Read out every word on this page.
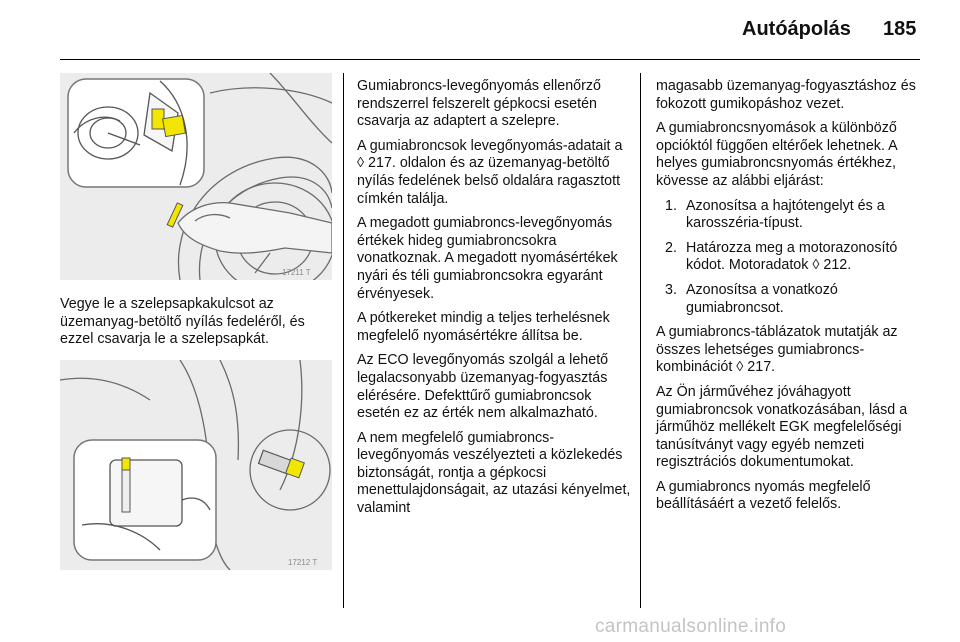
Autóápolás 185
17211 T

Vegye le a szelepsapkakulcsot az üzemanyag-betöltő nyílás fedeléről, és ezzel csavarja le a szelepsapkát.

17212 T

Gumiabroncs-levegőnyomás ellenőrző rendszerrel felszerelt gépkocsi esetén csavarja az adaptert a szelepre.

A gumiabroncsok levegőnyomás-adatait a ◊ 217. oldalon és az üzemanyag-betöltő nyílás fedelének belső oldalára ragasztott címkén találja.

A megadott gumiabroncs-levegőnyomás értékek hideg gumiabroncsokra vonatkoznak. A megadott nyomásértékek nyári és téli gumiabroncsokra egyaránt érvényesek.

A pótkereket mindig a teljes terhelésnek megfelelő nyomásértékre állítsa be.

Az ECO levegőnyomás szolgál a lehető legalacsonyabb üzemanyag-fogyasztás elérésére. Defekttűrő gumiabroncsok esetén ez az érték nem alkalmazható.

A nem megfelelő gumiabroncs-levegőnyomás veszélyezteti a közlekedés biztonságát, rontja a gépkocsi menettulajdonságait, az utazási kényelmet, valamint

magasabb üzemanyag-fogyasztáshoz és fokozott gumikopáshoz vezet.

A gumiabroncsnyomások a különböző opcióktól függően eltérőek lehetnek. A helyes gumiabroncsnyomás értékhez, kövesse az alábbi eljárást:

1. Azonosítsa a hajtótengelyt és a karosszéria-típust.
2. Határozza meg a motorazonosító kódot. Motoradatok ◊ 212.
3. Azonosítsa a vonatkozó gumiabroncsot.

A gumiabroncs-táblázatok mutatják az összes lehetséges gumiabroncs-kombinációt ◊ 217.

Az Ön járművéhez jóváhagyott gumiabroncsok vonatkozásában, lásd a járműhöz mellékelt EGK megfelelőségi tanúsítványt vagy egyéb nemzeti regisztrációs dokumentumokat.

A gumiabroncs nyomás megfelelő beállításáért a vezető felelős.

carmanualsonline.info
